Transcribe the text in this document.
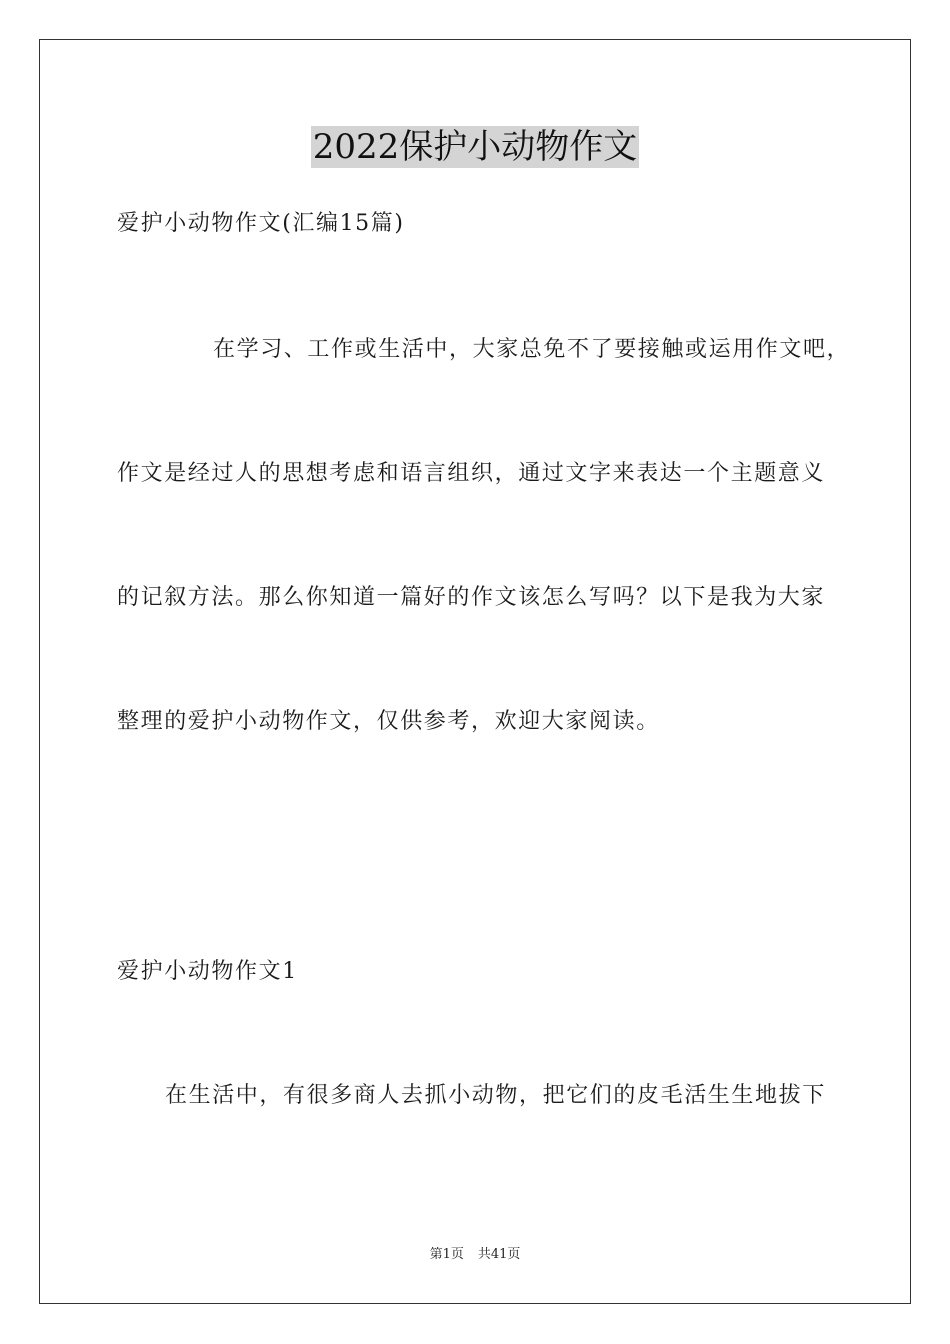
2022保护小动物作文
爱护小动物作文(汇编15篇)
在学习、工作或生活中，大家总免不了要接触或运用作文吧，
作文是经过人的思想考虑和语言组织，通过文字来表达一个主题意义
的记叙方法。那么你知道一篇好的作文该怎么写吗？以下是我为大家
整理的爱护小动物作文，仅供参考，欢迎大家阅读。
爱护小动物作文1
在生活中，有很多商人去抓小动物，把它们的皮毛活生生地拔下
第1页 共41页
